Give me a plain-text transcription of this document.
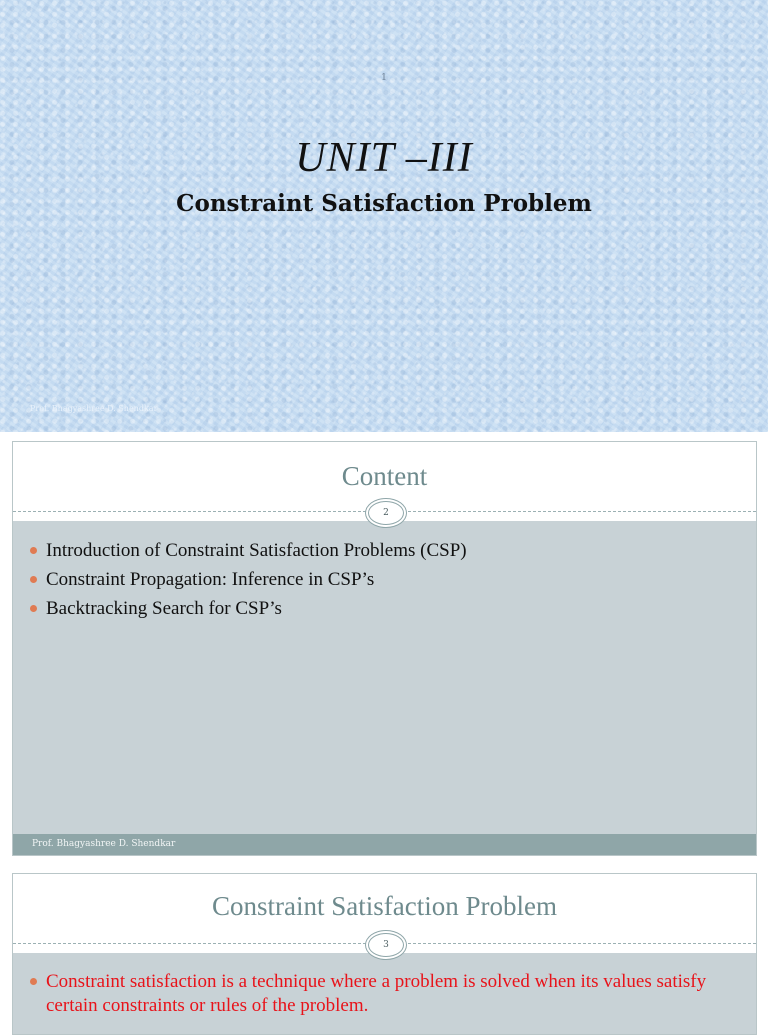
1
UNIT –III
Constraint Satisfaction Problem
Prof. Bhagyashree D. Shendkar
Content
Introduction of Constraint Satisfaction Problems (CSP)
Constraint Propagation: Inference in CSP’s
Backtracking Search for CSP’s
2
Prof. Bhagyashree D. Shendkar
Constraint Satisfaction Problem
Constraint satisfaction is a technique where a problem is solved when its values satisfy certain constraints or rules of the problem.
3
